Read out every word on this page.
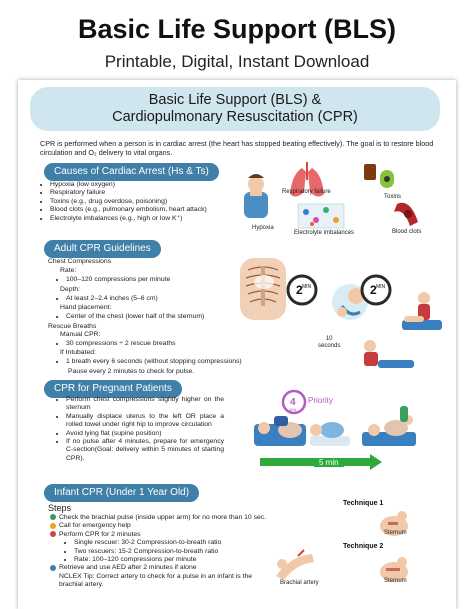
Basic Life Support (BLS)
Printable, Digital, Instant Download
Basic Life Support (BLS) &
Cardiopulmonary Resuscitation (CPR)
CPR is performed when a person is in cardiac arrest (the heart has stopped beating effectively). The goal is to restore blood circulation and O₂ delivery to vital organs.
Causes of Cardiac Arrest (Hs & Ts)
• Hypoxia (low oxygen)
• Respiratory failure
• Toxins (e.g., drug overdose, poisoning)
• Blood clots (e.g., pulmonary embolism, heart attack)
• Electrolyte imbalances (e.g., high or low K⁺)
Hypoxia
Respiratory failure
Toxins
Electrolyte imbalances	Blood clots
Adult CPR Guidelines
Chest Compressions
Rate:
• 100–120 compressions per minute
Depth:
• At least 2–2.4 inches (5–6 cm)
Hand placement:
• Center of the chest (lower half of the sternum)
Rescue Breaths
Manual CPR:
• 30 compressions ÷ 2 rescue breaths
If Intubated:
• 1 breath every 6 seconds (without stopping compressions)
Pause every 2 minutes to check for pulse.
2 MIN	2 MIN
10
seconds
CPR for Pregnant Patients
• Perform chest compressions slightly higher on the sternum
• Manually displace uterus to the left OR place a rolled towel under right hip to improve circulation
• Avoid lying flat (supine position)
• If no pulse after 4 minutes, prepare for emergency C-section(Goal: delivery within 5 minutes of starting CPR).
4
MIN
Priority
5 min
Infant CPR (Under 1 Year Old)
Steps
Check the brachial pulse (inside upper arm) for no more than 10 sec.
Call for emergency help
Perform CPR for 2 minutes
• Single rescuer: 30-2 Compression-to-breath ratio
• Two rescuers: 15-2 Compression-to-breath ratio
• Rate: 100–120 compressions per minute
Retrieve and use AED after 2 minutes if alone
NCLEX Tip: Correct artery to check for a pulse in an infant is the brachial artery.
Technique 1
Sternum
Technique 2
Sternum
Brachial artery
